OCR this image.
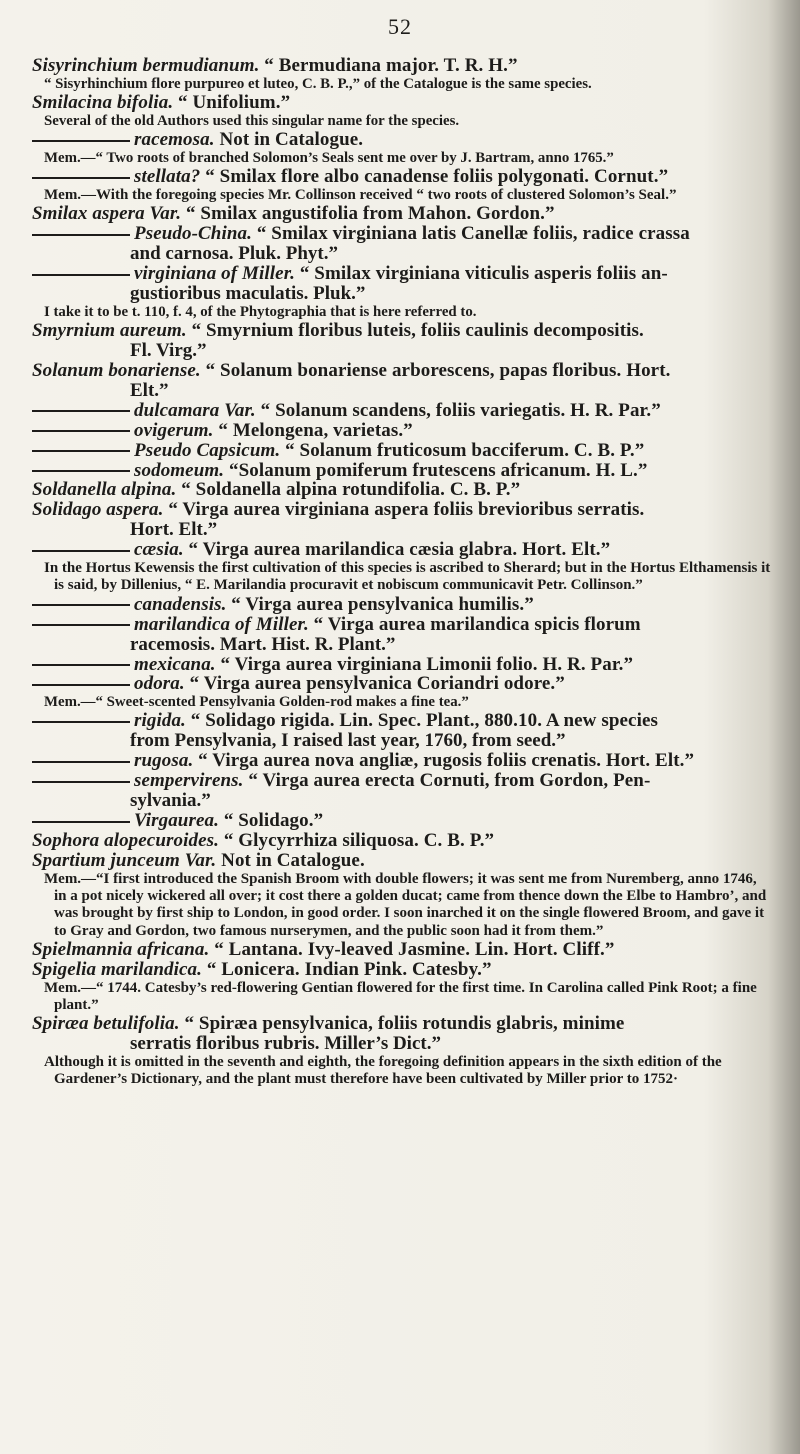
52
Sisyrinchium bermudianum. “ Bermudiana major. T. R. H.”
“ Sisyrhinchium flore purpureo et luteo, C. B. P.,” of the Catalogue is the same species.
Smilacina bifolia. “ Unifolium.”
Several of the old Authors used this singular name for the species.
racemosa. Not in Catalogue.
Mem.—“ Two roots of branched Solomon’s Seals sent me over by J. Bartram, anno 1765.”
stellata? “ Smilax flore albo canadense foliis polygonati. Cornut.”
Mem.—With the foregoing species Mr. Collinson received “ two roots of clustered Solomon’s Seal.”
Smilax aspera Var. “ Smilax angustifolia from Mahon. Gordon.”
Pseudo-China. “ Smilax virginiana latis Canellæ foliis, radice crassa
and carnosa. Pluk. Phyt.”
virginiana of Miller. “ Smilax virginiana viticulis asperis foliis an-
gustioribus maculatis. Pluk.”
I take it to be t. 110, f. 4, of the Phytographia that is here referred to.
Smyrnium aureum. “ Smyrnium floribus luteis, foliis caulinis decompositis.
Fl. Virg.”
Solanum bonariense. “ Solanum bonariense arborescens, papas floribus. Hort.
Elt.”
dulcamara Var. “ Solanum scandens, foliis variegatis. H. R. Par.”
ovigerum. “ Melongena, varietas.”
Pseudo Capsicum. “ Solanum fruticosum bacciferum. C. B. P.”
sodomeum. “Solanum pomiferum frutescens africanum. H. L.”
Soldanella alpina. “ Soldanella alpina rotundifolia. C. B. P.”
Solidago aspera. “ Virga aurea virginiana aspera foliis brevioribus serratis.
Hort. Elt.”
cæsia. “ Virga aurea marilandica cæsia glabra. Hort. Elt.”
In the Hortus Kewensis the first cultivation of this species is ascribed to Sherard; but in the Hortus Elthamensis it is said, by Dillenius, “ E. Marilandia procuravit et nobiscum communicavit Petr. Collinson.”
canadensis. “ Virga aurea pensylvanica humilis.”
marilandica of Miller. “ Virga aurea marilandica spicis florum
racemosis. Mart. Hist. R. Plant.”
mexicana. “ Virga aurea virginiana Limonii folio. H. R. Par.”
odora. “ Virga aurea pensylvanica Coriandri odore.”
Mem.—“ Sweet-scented Pensylvania Golden-rod makes a fine tea.”
rigida. “ Solidago rigida. Lin. Spec. Plant., 880.10. A new species
from Pensylvania, I raised last year, 1760, from seed.”
rugosa. “ Virga aurea nova angliæ, rugosis foliis crenatis. Hort. Elt.”
sempervirens. “ Virga aurea erecta Cornuti, from Gordon, Pen-
sylvania.”
Virgaurea. “ Solidago.”
Sophora alopecuroides. “ Glycyrrhiza siliquosa. C. B. P.”
Spartium junceum Var. Not in Catalogue.
Mem.—“I first introduced the Spanish Broom with double flowers; it was sent me from Nuremberg, anno 1746, in a pot nicely wickered all over; it cost there a golden ducat; came from thence down the Elbe to Hambro’, and was brought by first ship to London, in good order. I soon inarched it on the single flowered Broom, and gave it to Gray and Gordon, two famous nurserymen, and the public soon had it from them.”
Spielmannia africana. “ Lantana. Ivy-leaved Jasmine. Lin. Hort. Cliff.”
Spigelia marilandica. “ Lonicera. Indian Pink. Catesby.”
Mem.—“ 1744. Catesby’s red-flowering Gentian flowered for the first time. In Carolina called Pink Root; a fine plant.”
Spiræa betulifolia. “ Spiræa pensylvanica, foliis rotundis glabris, minime
serratis floribus rubris. Miller’s Dict.”
Although it is omitted in the seventh and eighth, the foregoing definition appears in the sixth edition of the Gardener’s Dictionary, and the plant must therefore have been cultivated by Miller prior to 1752·
